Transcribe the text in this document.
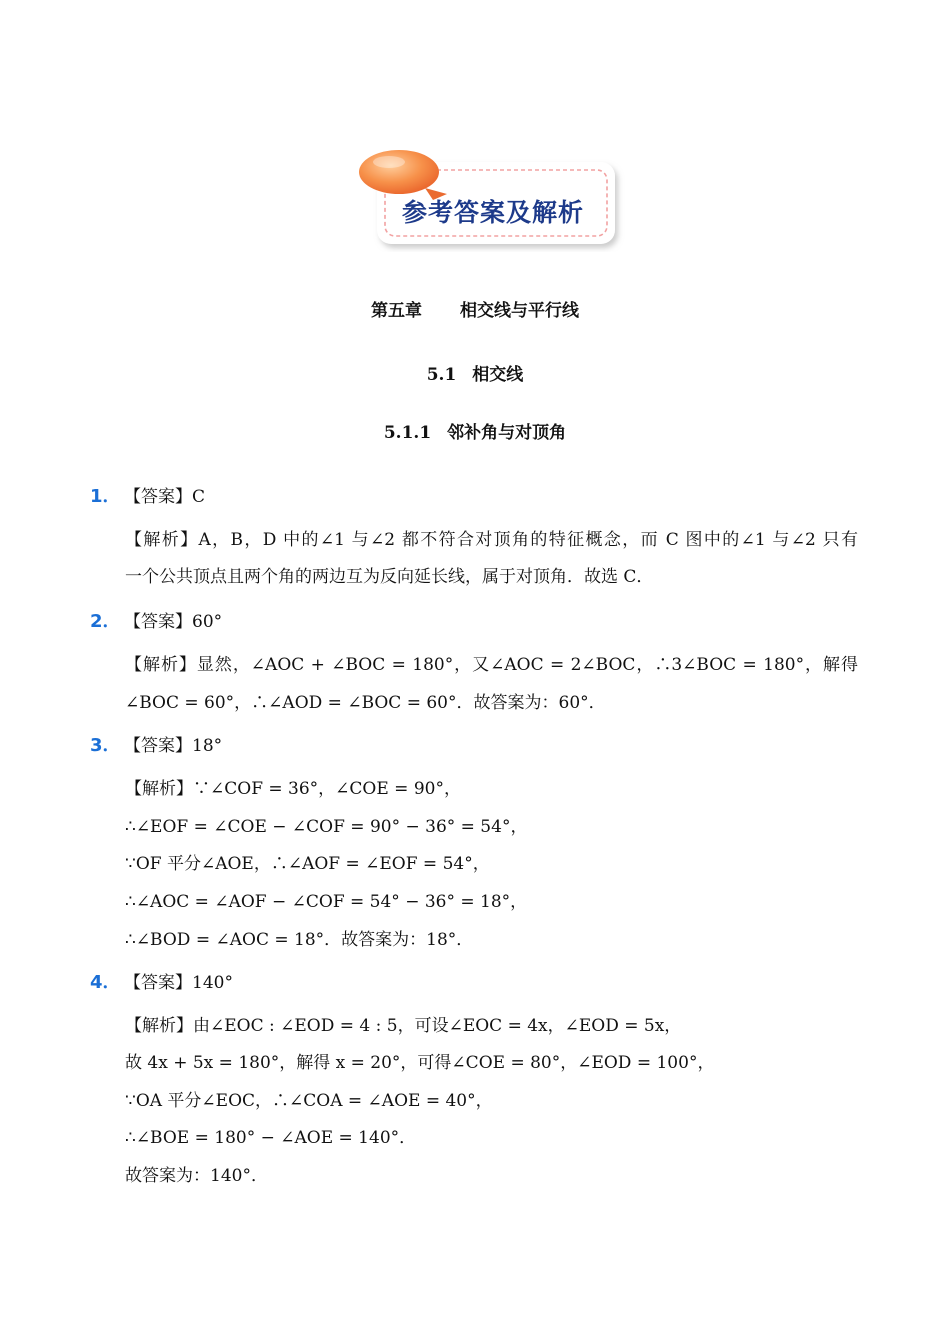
参考答案及解析
第五章 相交线与平行线
5.1 相交线
5.1.1 邻补角与对顶角
1． 【答案】C
【解析】A，B，D 中的∠1 与∠2 都不符合对顶角的特征概念，而 C 图中的∠1 与∠2 只有
一个公共顶点且两个角的两边互为反向延长线，属于对顶角．故选 C．
2． 【答案】60°
【解析】显然，∠AOC + ∠BOC = 180°，又∠AOC = 2∠BOC，∴3∠BOC = 180°，解得
∠BOC = 60°，∴∠AOD = ∠BOC = 60°．故答案为：60°．
3． 【答案】18°
【解析】∵∠COF = 36°，∠COE = 90°，
∴∠EOF = ∠COE − ∠COF = 90° − 36° = 54°，
∵OF 平分∠AOE，∴∠AOF = ∠EOF = 54°，
∴∠AOC = ∠AOF − ∠COF = 54° − 36° = 18°，
∴∠BOD = ∠AOC = 18°．故答案为：18°．
4． 【答案】140°
【解析】由∠EOC : ∠EOD = 4 : 5，可设∠EOC = 4x，∠EOD = 5x，
故 4x + 5x = 180°，解得 x = 20°，可得∠COE = 80°，∠EOD = 100°，
∵OA 平分∠EOC，∴∠COA = ∠AOE = 40°，
∴∠BOE = 180° − ∠AOE = 140°．
故答案为：140°．
